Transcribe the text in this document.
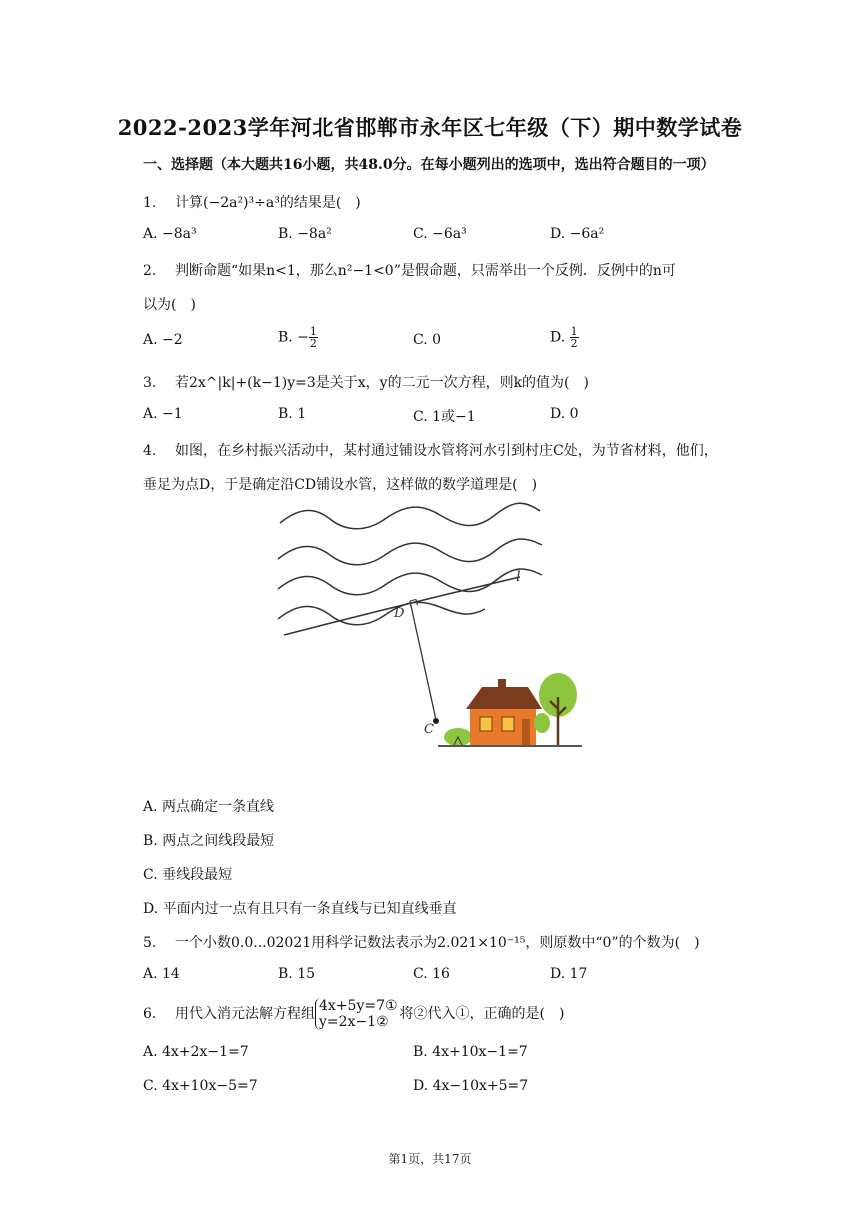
2022-2023学年河北省邯郸市永年区七年级（下）期中数学试卷
一、选择题（本大题共16小题，共48.0分。在每小题列出的选项中，选出符合题目的一项）
1. 计算(−2a²)³÷a³的结果是(　)
A. −8a³	B. −8a²	C. −6a³	D. −6a²
2. 判断命题“如果n<1，那么n²−1<0”是假命题，只需举出一个反例．反例中的n可
以为(　)
A. −2	B. − $\frac{1}{2}$	C. 0	D. $\frac{1}{2}$
3. 若2x^|k|+(k−1)y=3是关于x，y的二元一次方程，则k的值为(　)
A. −1	B. 1	C. 1或−1	D. 0
4. 如图，在乡村振兴活动中，某村通过铺设水管将河水引到村庄C处，为节省材料，他们，
垂足为点D，于是确定沿CD铺设水管，这样做的数学道理是(　)
l
D
C
A. 两点确定一条直线
B. 两点之间线段最短
C. 垂线段最短
D. 平面内过一点有且只有一条直线与已知直线垂直
5. 一个小数0.0...02021用科学记数法表示为2.021×10⁻¹⁵，则原数中“0”的个数为(　)
A. 14	B. 15	C. 16	D. 17
6. 用代入消元法解方程组 4x+5y=7①
y=2x−1② 将②代入①，正确的是(　)
A. 4x+2x−1=7	B. 4x+10x−1=7
C. 4x+10x−5=7	D. 4x−10x+5=7
第1页，共17页
